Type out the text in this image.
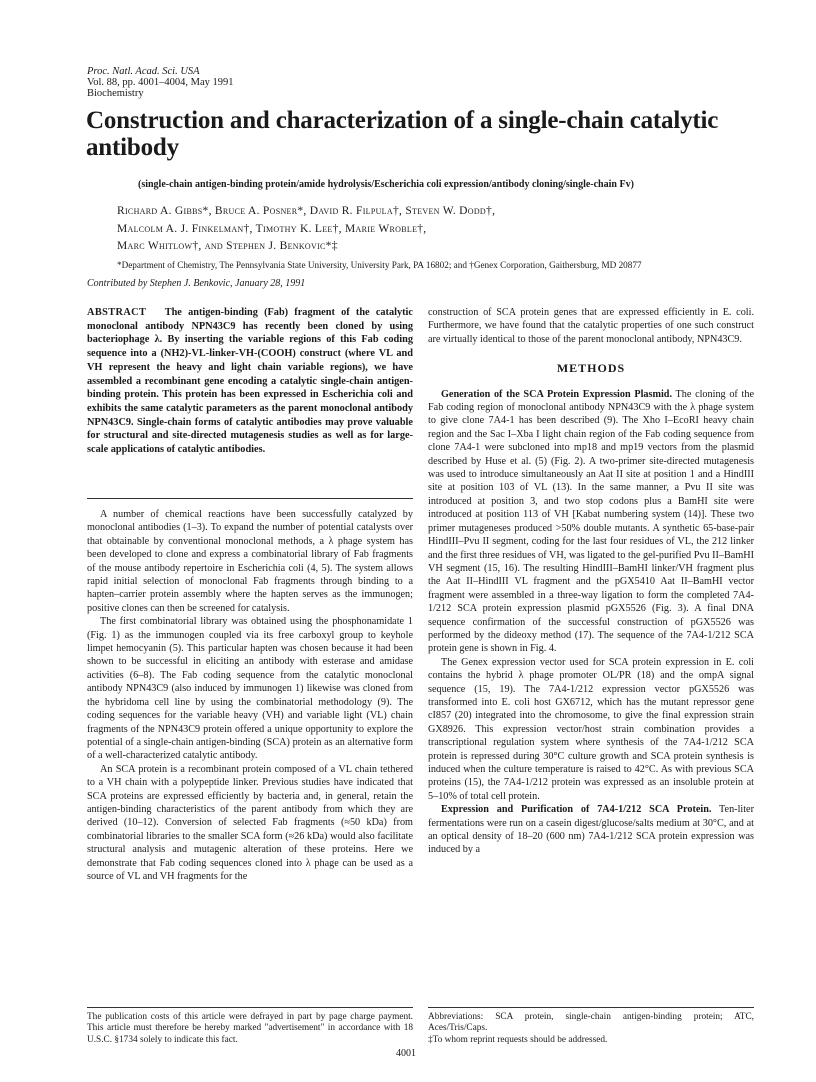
Proc. Natl. Acad. Sci. USA
Vol. 88, pp. 4001–4004, May 1991
Biochemistry
Construction and characterization of a single-chain catalytic antibody
(single-chain antigen-binding protein/amide hydrolysis/Escherichia coli expression/antibody cloning/single-chain Fv)
Richard A. Gibbs*, Bruce A. Posner*, David R. Filpula†, Steven W. Dodd†,
Malcolm A. J. Finkelman†, Timothy K. Lee†, Marie Wroble†,
Marc Whitlow†, and Stephen J. Benkovic*‡
*Department of Chemistry, The Pennsylvania State University, University Park, PA 16802; and †Genex Corporation, Gaithersburg, MD 20877
Contributed by Stephen J. Benkovic, January 28, 1991

ABSTRACT The antigen-binding (Fab) fragment of the catalytic monoclonal antibody NPN43C9 has recently been cloned by using bacteriophage λ. By inserting the variable regions of this Fab coding sequence into a (NH2)-VL-linker-VH-(COOH) construct (where VL and VH represent the heavy and light chain variable regions), we have assembled a recombinant gene encoding a catalytic single-chain antigen-binding protein. This protein has been expressed in Escherichia coli and exhibits the same catalytic parameters as the parent monoclonal antibody NPN43C9. Single-chain forms of catalytic antibodies may prove valuable for structural and site-directed mutagenesis studies as well as for large-scale applications of catalytic antibodies.

A number of chemical reactions have been successfully catalyzed by monoclonal antibodies (1–3). To expand the number of potential catalysts over that obtainable by conventional monoclonal methods, a λ phage system has been developed to clone and express a combinatorial library of Fab fragments of the mouse antibody repertoire in Escherichia coli (4, 5). The system allows rapid initial selection of monoclonal Fab fragments through binding to a hapten–carrier protein assembly where the hapten serves as the immunogen; positive clones can then be screened for catalysis.

The first combinatorial library was obtained using the phosphonamidate 1 (Fig. 1) as the immunogen coupled via its free carboxyl group to keyhole limpet hemocyanin (5). This particular hapten was chosen because it had been shown to be successful in eliciting an antibody with esterase and amidase activities (6–8). The Fab coding sequence from the catalytic monoclonal antibody NPN43C9 (also induced by immunogen 1) likewise was cloned from the hybridoma cell line by using the combinatorial methodology (9). The coding sequences for the variable heavy (VH) and variable light (VL) chain fragments of the NPN43C9 protein offered a unique opportunity to explore the potential of a single-chain antigen-binding (SCA) protein as an alternative form of a well-characterized catalytic antibody.

An SCA protein is a recombinant protein composed of a VL chain tethered to a VH chain with a polypeptide linker. Previous studies have indicated that SCA proteins are expressed efficiently by bacteria and, in general, retain the antigen-binding characteristics of the parent antibody from which they are derived (10–12). Conversion of selected Fab fragments (≈50 kDa) from combinatorial libraries to the smaller SCA form (≈26 kDa) would also facilitate structural analysis and mutagenic alteration of these proteins. Here we demonstrate that Fab coding sequences cloned into λ phage can be used as a source of VL and VH fragments for the

construction of SCA protein genes that are expressed efficiently in E. coli. Furthermore, we have found that the catalytic properties of one such construct are virtually identical to those of the parent monoclonal antibody, NPN43C9.

METHODS

Generation of the SCA Protein Expression Plasmid. The cloning of the Fab coding region of monoclonal antibody NPN43C9 with the λ phage system to give clone 7A4-1 has been described (9). The Xho I–EcoRI heavy chain region and the Sac I–Xba I light chain region of the Fab coding sequence from clone 7A4-1 were subcloned into mp18 and mp19 vectors from the plasmid described by Huse et al. (5) (Fig. 2). A two-primer site-directed mutagenesis was used to introduce simultaneously an Aat II site at position 1 and a HindIII site at position 103 of VL (13). In the same manner, a Pvu II site was introduced at position 3, and two stop codons plus a BamHI site were introduced at position 113 of VH [Kabat numbering system (14)]. These two primer mutageneses produced >50% double mutants. A synthetic 65-base-pair HindIII–Pvu II segment, coding for the last four residues of VL, the 212 linker and the first three residues of VH, was ligated to the gel-purified Pvu II–BamHI VH segment (15, 16). The resulting HindIII–BamHI linker/VH fragment plus the Aat II–HindIII VL fragment and the pGX5410 Aat II–BamHI vector fragment were assembled in a three-way ligation to form the completed 7A4-1/212 SCA protein expression plasmid pGX5526 (Fig. 3). A final DNA sequence confirmation of the successful construction of pGX5526 was performed by the dideoxy method (17). The sequence of the 7A4-1/212 SCA protein gene is shown in Fig. 4.

The Genex expression vector used for SCA protein expression in E. coli contains the hybrid λ phage promoter OL/PR (18) and the ompA signal sequence (15, 19). The 7A4-1/212 expression vector pGX5526 was transformed into E. coli host GX6712, which has the mutant repressor gene cI857 (20) integrated into the chromosome, to give the final expression strain GX8926. This expression vector/host strain combination provides a transcriptional regulation system where synthesis of the 7A4-1/212 SCA protein is repressed during 30°C culture growth and SCA protein synthesis is induced when the culture temperature is raised to 42°C. As with previous SCA proteins (15), the 7A4-1/212 protein was expressed as an insoluble protein at 5–10% of total cell protein.

Expression and Purification of 7A4-1/212 SCA Protein. Ten-liter fermentations were run on a casein digest/glucose/salts medium at 30°C, and at an optical density of 18–20 (600 nm) 7A4-1/212 SCA protein expression was induced by a

The publication costs of this article were defrayed in part by page charge payment. This article must therefore be hereby marked "advertisement" in accordance with 18 U.S.C. §1734 solely to indicate this fact.
Abbreviations: SCA protein, single-chain antigen-binding protein; ATC, Aces/Tris/Caps.
‡To whom reprint requests should be addressed.
4001
